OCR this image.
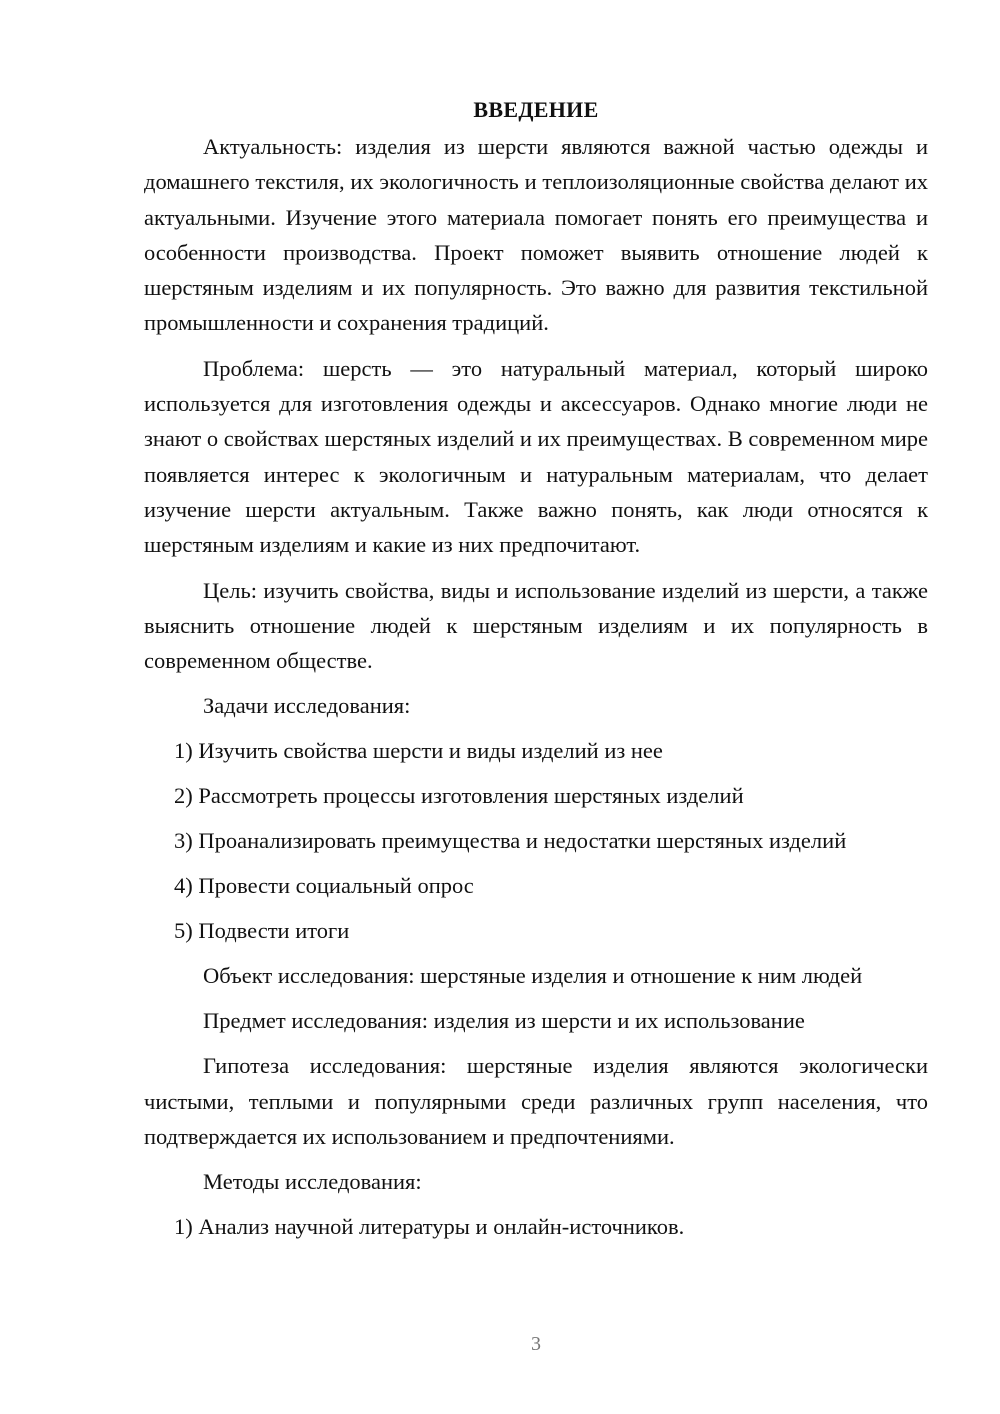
ВВЕДЕНИЕ

Актуальность: изделия из шерсти являются важной частью одежды и домашнего текстиля, их экологичность и теплоизоляционные свойства делают их актуальными. Изучение этого материала помогает понять его преимущества и особенности производства. Проект поможет выявить отношение людей к шерстяным изделиям и их популярность. Это важно для развития текстильной промышленности и сохранения традиций.

Проблема: шерсть — это натуральный материал, который широко используется для изготовления одежды и аксессуаров. Однако многие люди не знают о свойствах шерстяных изделий и их преимуществах. В современном мире появляется интерес к экологичным и натуральным материалам, что делает изучение шерсти актуальным. Также важно понять, как люди относятся к шерстяным изделиям и какие из них предпочитают.

Цель: изучить свойства, виды и использование изделий из шерсти, а также выяснить отношение людей к шерстяным изделиям и их популярность в современном обществе.

Задачи исследования:

1) Изучить свойства шерсти и виды изделий из нее

2) Рассмотреть процессы изготовления шерстяных изделий

3) Проанализировать преимущества и недостатки шерстяных изделий

4) Провести социальный опрос

5) Подвести итоги

Объект исследования: шерстяные изделия и отношение к ним людей

Предмет исследования: изделия из шерсти и их использование

Гипотеза исследования: шерстяные изделия являются экологически чистыми, теплыми и популярными среди различных групп населения, что подтверждается их использованием и предпочтениями.

Методы исследования:

1) Анализ научной литературы и онлайн-источников.

3
